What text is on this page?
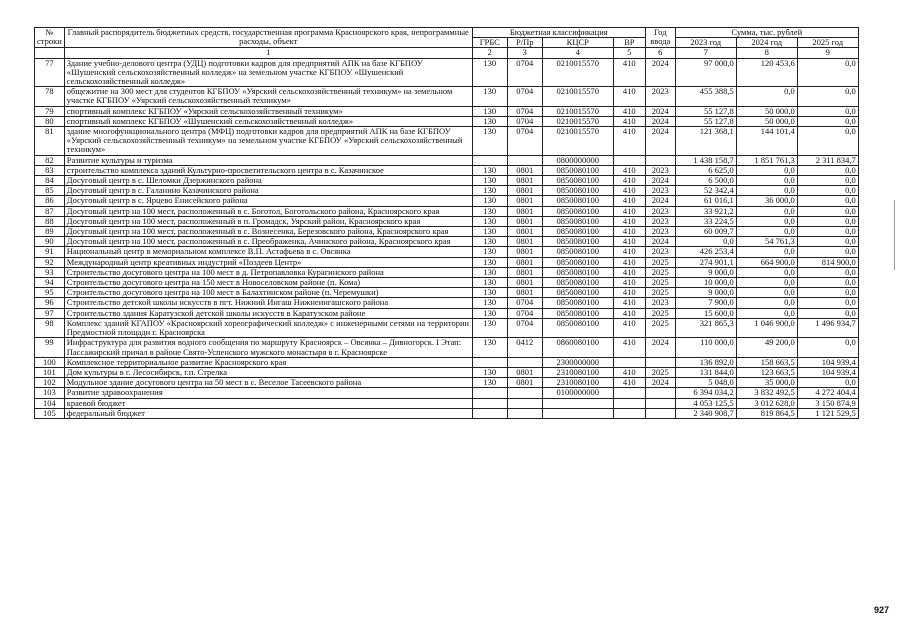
№ строки	Главный распорядитель бюджетных средств, государственная программа Красноярского края, непрограммные расходы, объект	Бюджетная классификация				Год ввода	Сумма, тыс. рублей		
		ГРБС	Р/Пр	КЦСР	ВР		2023 год	2024 год	2025 год
	1	2	3	4	5	6	7	8	9
77	Здание учебно-делового центра (УДЦ) подготовки кадров для предприятий АПК на базе КГБПОУ «Шушенский сельскохозяйственный колледж» на земельном участке КГБПОУ «Шушенский сельскохозяйственный колледж»	130	0704	0210015570	410	2024	97 000,0	120 453,6	0,0
78	общежитие на 300 мест для студентов КГБПОУ «Уярский сельскохозяйственный техникум» на земельном участке КГБПОУ «Уярский сельскохозяйственный техникум»	130	0704	0210015570	410	2023	455 388,5	0,0	0,0
79	спортивный комплекс КГБПОУ «Уярский сельскохозяйственный техникум»	130	0704	0210015570	410	2024	55 127,8	50 000,0	0,0
80	спортивный комплекс КГБПОУ «Шушенский сельскохозяйственный колледж»	130	0704	0210015570	410	2024	55 127,8	50 000,0	0,0
81	здание многофункционального центра (МФЦ) подготовки кадров для предприятий АПК на базе КГБПОУ «Уярский сельскохозяйственный техникум» на земельном участке КГБПОУ «Уярский сельскохозяйственный техникум»	130	0704	0210015570	410	2024	121 368,1	144 101,4	0,0
82	Развитие культуры и туризма			0800000000			1 438 158,7	1 851 761,3	2 311 834,7
83	строительство комплекса зданий Культурно-просветительского центра в с. Казачинское	130	0801	0850080100	410	2023	6 625,0	0,0	0,0
84	Досуговый центр в с. Шеломки Дзержинского района	130	0801	0850080100	410	2024	6 500,0	0,0	0,0
85	Досуговый центр в с. Галанино Казачинского района	130	0801	0850080100	410	2023	52 342,4	0,0	0,0
86	Досуговый центр в с. Ярцево Енисейского района	130	0801	0850080100	410	2024	61 016,1	36 000,0	0,0
87	Досуговый центр на 100 мест, расположенный в с. Боготол, Боготольского района, Красноярского края	130	0801	0850080100	410	2023	33 921,2	0,0	0,0
88	Досуговый центр на 100 мест, расположенный в п. Громадск, Уярский район, Красноярского края	130	0801	0850080100	410	2023	33 224,5	0,0	0,0
89	Досуговый центр на 100 мест, расположенный в с. Вознесенка, Березовского района, Красноярского края	130	0801	0850080100	410	2023	60 009,7	0,0	0,0
90	Досуговый центр на 100 мест, расположенный в с. Преображенка, Ачинского района, Красноярского края	130	0801	0850080100	410	2024	0,0	54 761,3	0,0
91	Национальный центр в мемориальном комплексе В.П. Астафьева в с. Овсянка	130	0801	0850080100	410	2023	426 253,4	0,0	0,0
92	Международный центр креативных индустрий «Поздеев Центр»	130	0801	0850080100	410	2025	274 901,1	664 900,0	814 900,0
93	Строительство досугового центра на 100 мест в д. Петропавловка Курагинского района	130	0801	0850080100	410	2025	9 000,0	0,0	0,0
94	Строительство досугового центра на 150 мест в Новоселовском районе (п. Кома)	130	0801	0850080100	410	2025	10 000,0	0,0	0,0
95	Строительство досугового центра на 100 мест в Балахтинском районе (п. Черемушки)	130	0801	0850080100	410	2025	9 000,0	0,0	0,0
96	Строительство детской школы искусств в пгт. Нижний Ингаш Нижнеингашского района	130	0704	0850080100	410	2023	7 900,0	0,0	0,0
97	Строительство здания Каратузской детской школы искусств в Каратузском районе	130	0704	0850080100	410	2025	15 600,0	0,0	0,0
98	Комплекс зданий КГАПОУ «Красноярский хореографический колледж» с инженерными сетями на территории Предмостной площади г. Красноярска	130	0704	0850080100	410	2025	321 865,3	1 046 900,0	1 496 934,7
99	Инфраструктура для развития водного сообщения по маршруту Красноярск – Овсянка – Дивногорск. I Этап: Пассажирский причал в районе Свято-Успенского мужского монастыря в г. Красноярске	130	0412	0860080100	410	2024	110 000,0	49 200,0	0,0
100	Комплексное территориальное развитие Красноярского края			2300000000			136 892,0	158 663,5	104 939,4
101	Дом культуры в г. Лесосибирск, г.п. Стрелка	130	0801	2310080100	410	2025	131 844,0	123 663,5	104 939,4
102	Модульное здание досугового центра на 50 мест в с. Веселое Тасеевского района	130	0801	2310080100	410	2024	5 048,0	35 000,0	0,0
103	Развитие здравоохранения			0100000000			6 394 034,2	3 832 492,5	4 272 404,4
104	краевой бюджет						4 053 125,5	3 012 628,0	3 150 874,9
105	федеральный бюджет						2 340 908,7	819 864,5	1 121 529,5
927
